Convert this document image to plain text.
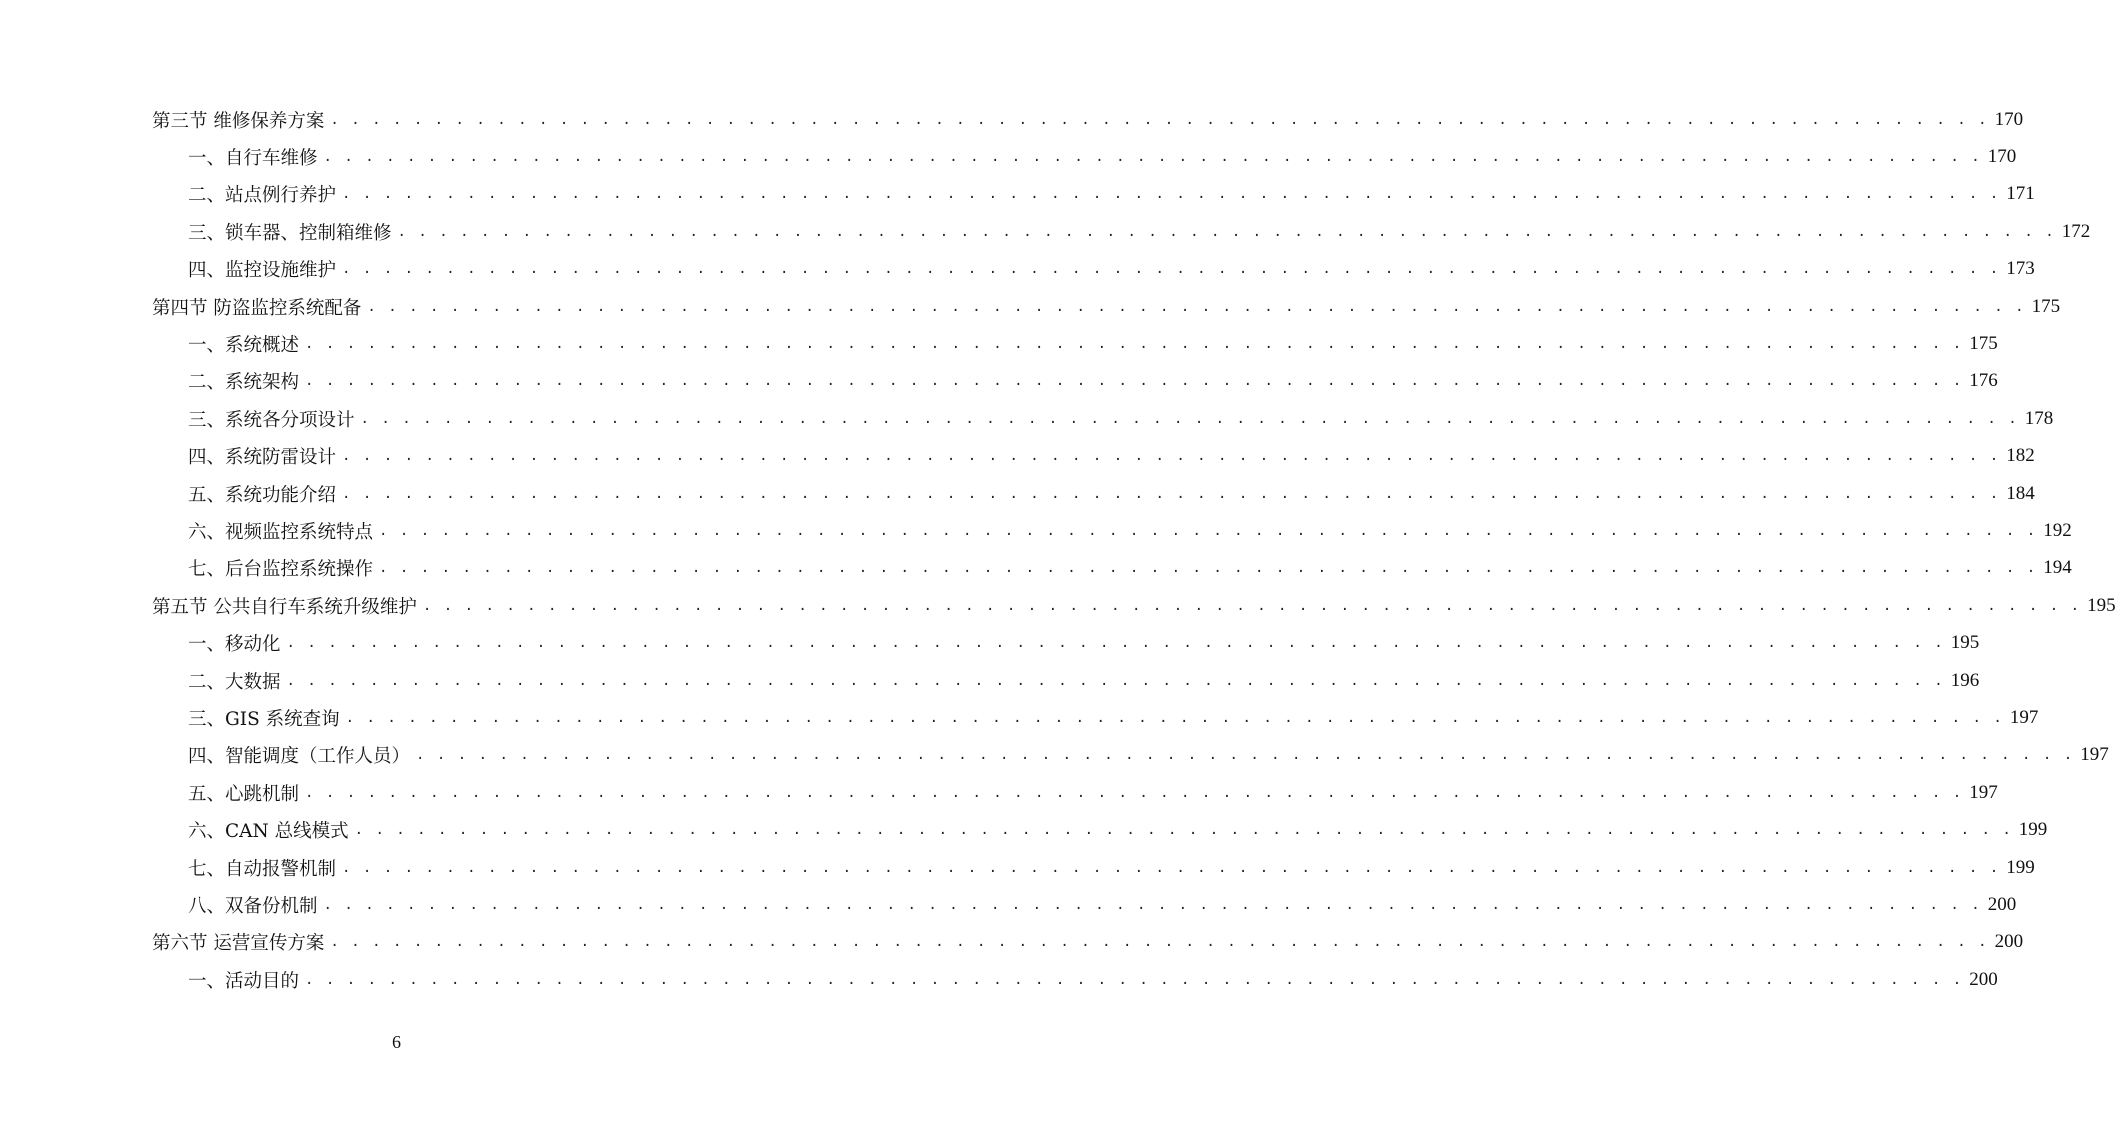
第三节 维修保养方案 . . . . . . . . . . . . . . . . . . . . . . . . . . . . . . . . . . . . . . . . . . . . . . . . . . . . . . . . . . . . . . . . . . . . . . . . . . . . . . . . 170
一、自行车维修 . . . . . . . . . . . . . . . . . . . . . . . . . . . . . . . . . . . . . . . . . . . . . . . . . . . . . . . . . . . . . . . . . . . . . . . . . . . . . . . . 170
二、站点例行养护 . . . . . . . . . . . . . . . . . . . . . . . . . . . . . . . . . . . . . . . . . . . . . . . . . . . . . . . . . . . . . . . . . . . . . . . . . . . . . . . . 171
三、锁车器、控制箱维修 . . . . . . . . . . . . . . . . . . . . . . . . . . . . . . . . . . . . . . . . . . . . . . . . . . . . . . . . . . . . . . . . . . . . . . . . . . . . . . . . 172
四、监控设施维护 . . . . . . . . . . . . . . . . . . . . . . . . . . . . . . . . . . . . . . . . . . . . . . . . . . . . . . . . . . . . . . . . . . . . . . . . . . . . . . . . 173
第四节 防盗监控系统配备 . . . . . . . . . . . . . . . . . . . . . . . . . . . . . . . . . . . . . . . . . . . . . . . . . . . . . . . . . . . . . . . . . . . . . . . . . . . . . . . . 175
一、系统概述 . . . . . . . . . . . . . . . . . . . . . . . . . . . . . . . . . . . . . . . . . . . . . . . . . . . . . . . . . . . . . . . . . . . . . . . . . . . . . . . . 175
二、系统架构 . . . . . . . . . . . . . . . . . . . . . . . . . . . . . . . . . . . . . . . . . . . . . . . . . . . . . . . . . . . . . . . . . . . . . . . . . . . . . . . . 176
三、系统各分项设计 . . . . . . . . . . . . . . . . . . . . . . . . . . . . . . . . . . . . . . . . . . . . . . . . . . . . . . . . . . . . . . . . . . . . . . . . . . . . . . . . 178
四、系统防雷设计 . . . . . . . . . . . . . . . . . . . . . . . . . . . . . . . . . . . . . . . . . . . . . . . . . . . . . . . . . . . . . . . . . . . . . . . . . . . . . . . . 182
五、系统功能介绍 . . . . . . . . . . . . . . . . . . . . . . . . . . . . . . . . . . . . . . . . . . . . . . . . . . . . . . . . . . . . . . . . . . . . . . . . . . . . . . . . 184
六、视频监控系统特点 . . . . . . . . . . . . . . . . . . . . . . . . . . . . . . . . . . . . . . . . . . . . . . . . . . . . . . . . . . . . . . . . . . . . . . . . . . . . . . . . 192
七、后台监控系统操作 . . . . . . . . . . . . . . . . . . . . . . . . . . . . . . . . . . . . . . . . . . . . . . . . . . . . . . . . . . . . . . . . . . . . . . . . . . . . . . . . 194
第五节 公共自行车系统升级维护 . . . . . . . . . . . . . . . . . . . . . . . . . . . . . . . . . . . . . . . . . . . . . . . . . . . . . . . . . . . . . . . . . . . . . . . . . . . . . . . . 195
一、移动化 . . . . . . . . . . . . . . . . . . . . . . . . . . . . . . . . . . . . . . . . . . . . . . . . . . . . . . . . . . . . . . . . . . . . . . . . . . . . . . . . 195
二、大数据 . . . . . . . . . . . . . . . . . . . . . . . . . . . . . . . . . . . . . . . . . . . . . . . . . . . . . . . . . . . . . . . . . . . . . . . . . . . . . . . . 196
三、GIS 系统查询 . . . . . . . . . . . . . . . . . . . . . . . . . . . . . . . . . . . . . . . . . . . . . . . . . . . . . . . . . . . . . . . . . . . . . . . . . . . . . . . . 197
四、智能调度（工作人员） . . . . . . . . . . . . . . . . . . . . . . . . . . . . . . . . . . . . . . . . . . . . . . . . . . . . . . . . . . . . . . . . . . . . . . . . . . . . . . . . 197
五、心跳机制 . . . . . . . . . . . . . . . . . . . . . . . . . . . . . . . . . . . . . . . . . . . . . . . . . . . . . . . . . . . . . . . . . . . . . . . . . . . . . . . . 197
六、CAN 总线模式 . . . . . . . . . . . . . . . . . . . . . . . . . . . . . . . . . . . . . . . . . . . . . . . . . . . . . . . . . . . . . . . . . . . . . . . . . . . . . . . . 199
七、自动报警机制 . . . . . . . . . . . . . . . . . . . . . . . . . . . . . . . . . . . . . . . . . . . . . . . . . . . . . . . . . . . . . . . . . . . . . . . . . . . . . . . . 199
八、双备份机制 . . . . . . . . . . . . . . . . . . . . . . . . . . . . . . . . . . . . . . . . . . . . . . . . . . . . . . . . . . . . . . . . . . . . . . . . . . . . . . . . 200
第六节 运营宣传方案 . . . . . . . . . . . . . . . . . . . . . . . . . . . . . . . . . . . . . . . . . . . . . . . . . . . . . . . . . . . . . . . . . . . . . . . . . . . . . . . . 200
一、活动目的 . . . . . . . . . . . . . . . . . . . . . . . . . . . . . . . . . . . . . . . . . . . . . . . . . . . . . . . . . . . . . . . . . . . . . . . . . . . . . . . . 200
6
